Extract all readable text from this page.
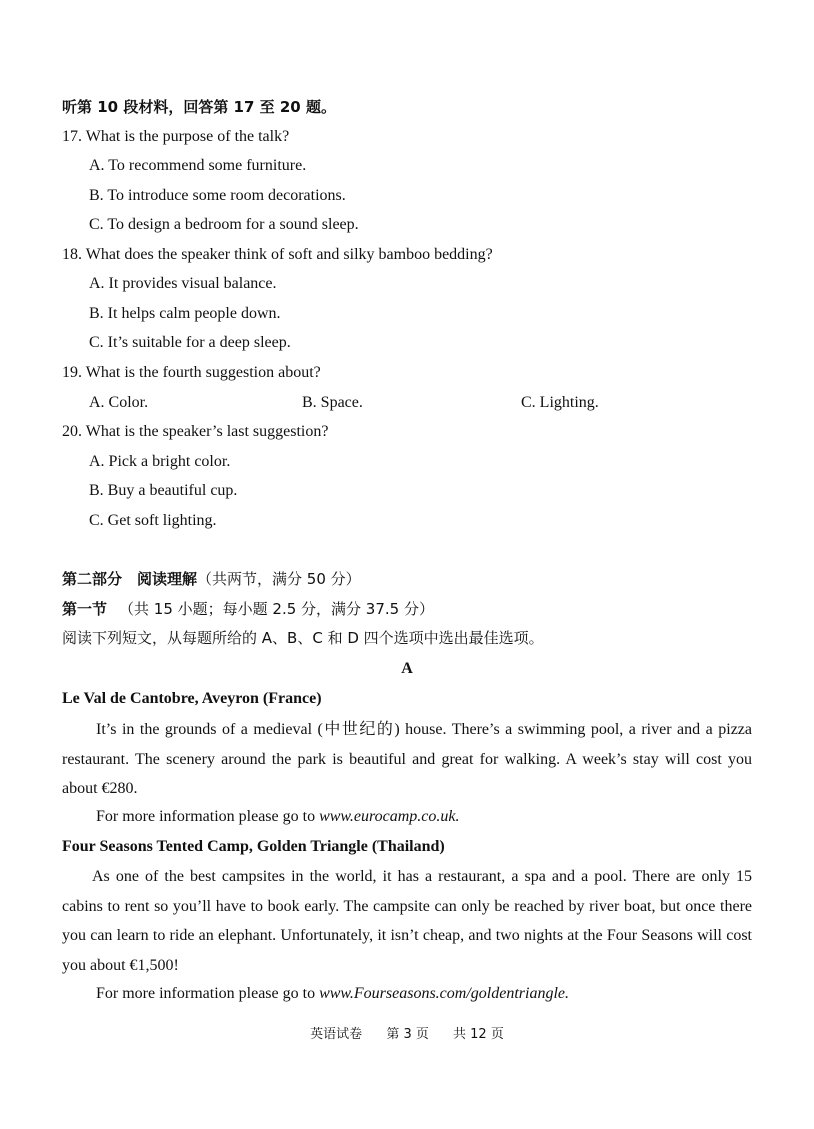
听第 10 段材料，回答第 17 至 20 题。
17. What is the purpose of the talk?
A. To recommend some furniture.
B. To introduce some room decorations.
C. To design a bedroom for a sound sleep.
18. What does the speaker think of soft and silky bamboo bedding?
A. It provides visual balance.
B. It helps calm people down.
C. It’s suitable for a deep sleep.
19. What is the fourth suggestion about?
A. Color.	B. Space.	C. Lighting.
20. What is the speaker’s last suggestion?
A. Pick a bright color.
B. Buy a beautiful cup.
C. Get soft lighting.
第二部分　阅读理解（共两节，满分 50 分）
第一节 （共 15 小题；每小题 2.5 分，满分 37.5 分）
阅读下列短文，从每题所给的 A、B、C 和 D 四个选项中选出最佳选项。
A
Le Val de Cantobre, Aveyron (France)
It’s in the grounds of a medieval (中世纪的) house. There’s a swimming pool, a river and a pizza restaurant. The scenery around the park is beautiful and great for walking. A week’s stay will cost you about €280.
For more information please go to www.eurocamp.co.uk.
Four Seasons Tented Camp, Golden Triangle (Thailand)
As one of the best campsites in the world, it has a restaurant, a spa and a pool. There are only 15 cabins to rent so you’ll have to book early. The campsite can only be reached by river boat, but once there you can learn to ride an elephant. Unfortunately, it isn’t cheap, and two nights at the Four Seasons will cost you about €1,500!
For more information please go to www.Fourseasons.com/goldentriangle.
英语试卷 第 3 页 共 12 页
